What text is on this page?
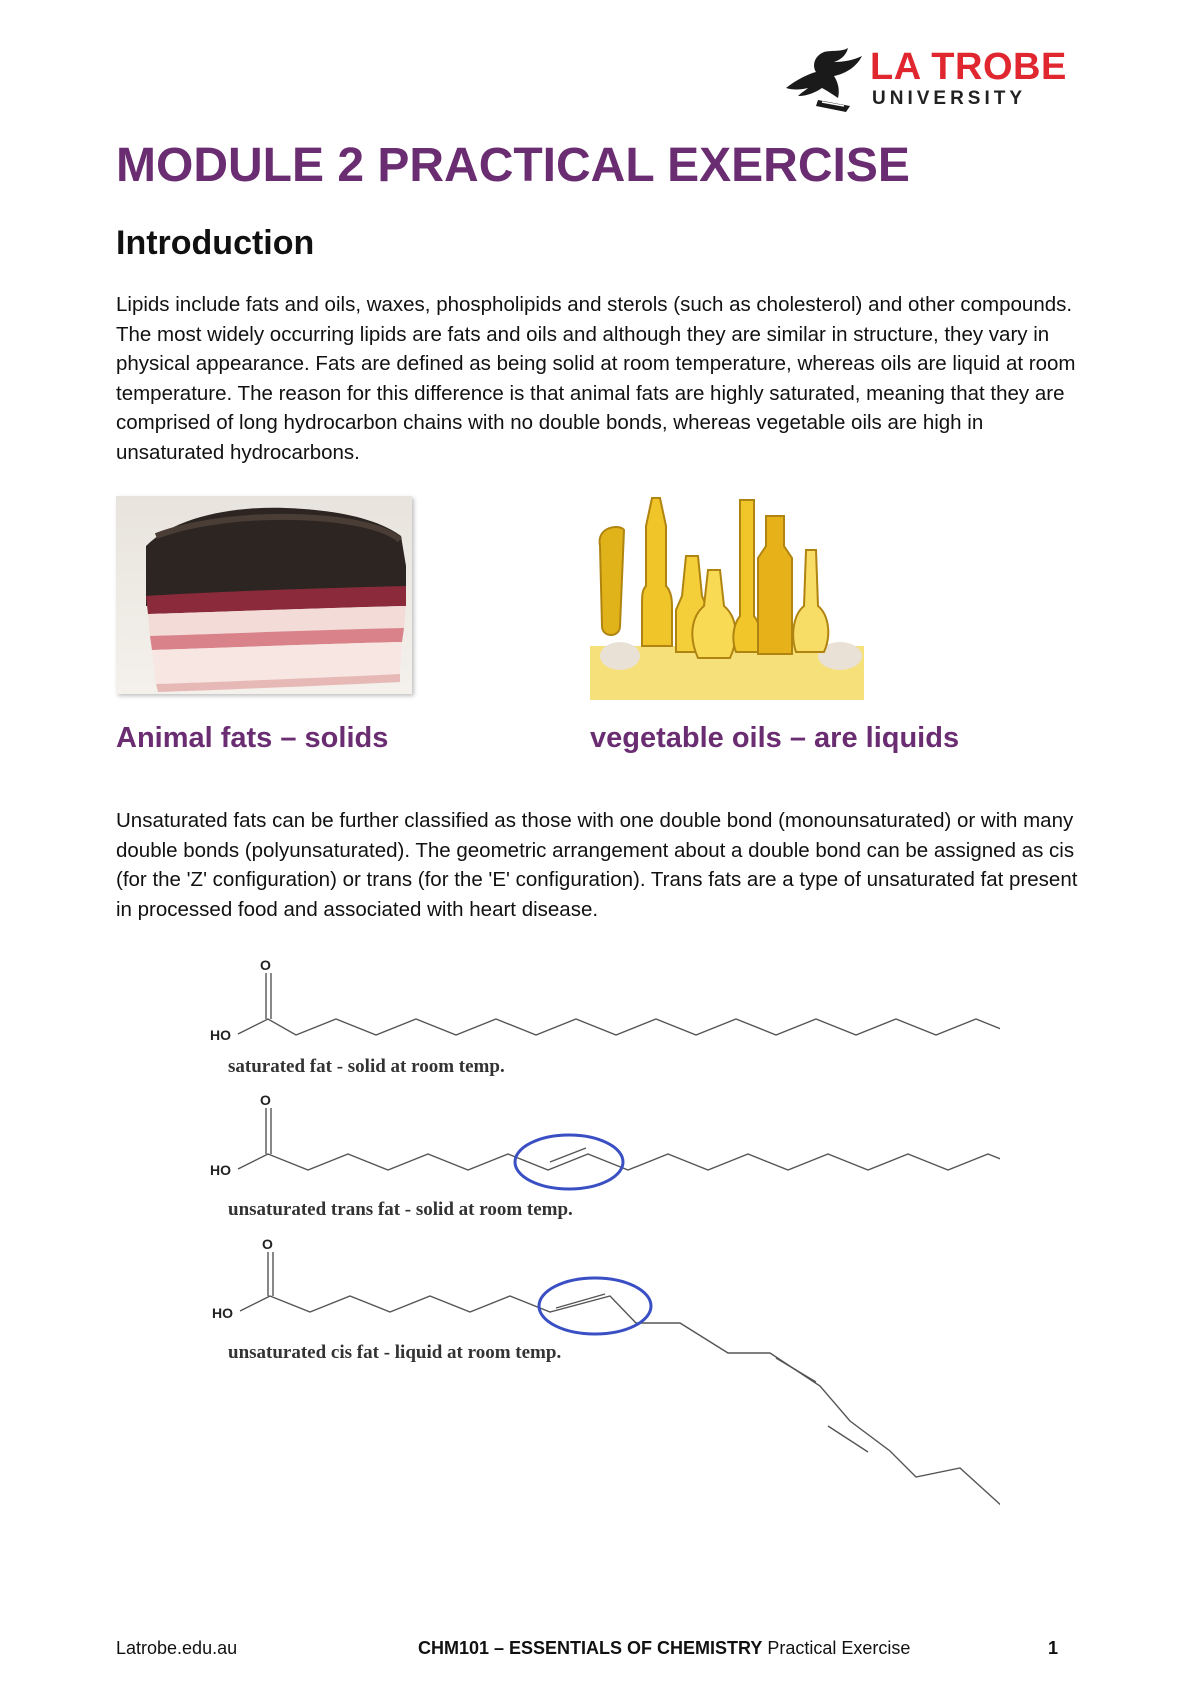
LA TROBE
UNIVERSITY
MODULE 2 PRACTICAL EXERCISE
Introduction

Lipids include fats and oils, waxes, phospholipids and sterols (such as cholesterol) and other compounds. The most widely occurring lipids are fats and oils and although they are similar in structure, they vary in physical appearance. Fats are defined as being solid at room temperature, whereas oils are liquid at room temperature. The reason for this difference is that animal fats are highly saturated, meaning that they are comprised of long hydrocarbon chains with no double bonds, whereas vegetable oils are high in unsaturated hydrocarbons.

Animal fats – solids	vegetable oils – are liquids

Unsaturated fats can be further classified as those with one double bond (monounsaturated) or with many double bonds (polyunsaturated). The geometric arrangement about a double bond can be assigned as cis (for the 'Z' configuration) or trans (for the 'E' configuration). Trans fats are a type of unsaturated fat present in processed food and associated with heart disease.

O
HO
saturated fat - solid at room temp.
O
HO
unsaturated trans fat - solid at room temp.
O
HO
unsaturated cis fat - liquid at room temp.
Latrobe.edu.au	CHM101 – ESSENTIALS OF CHEMISTRY Practical Exercise	1
